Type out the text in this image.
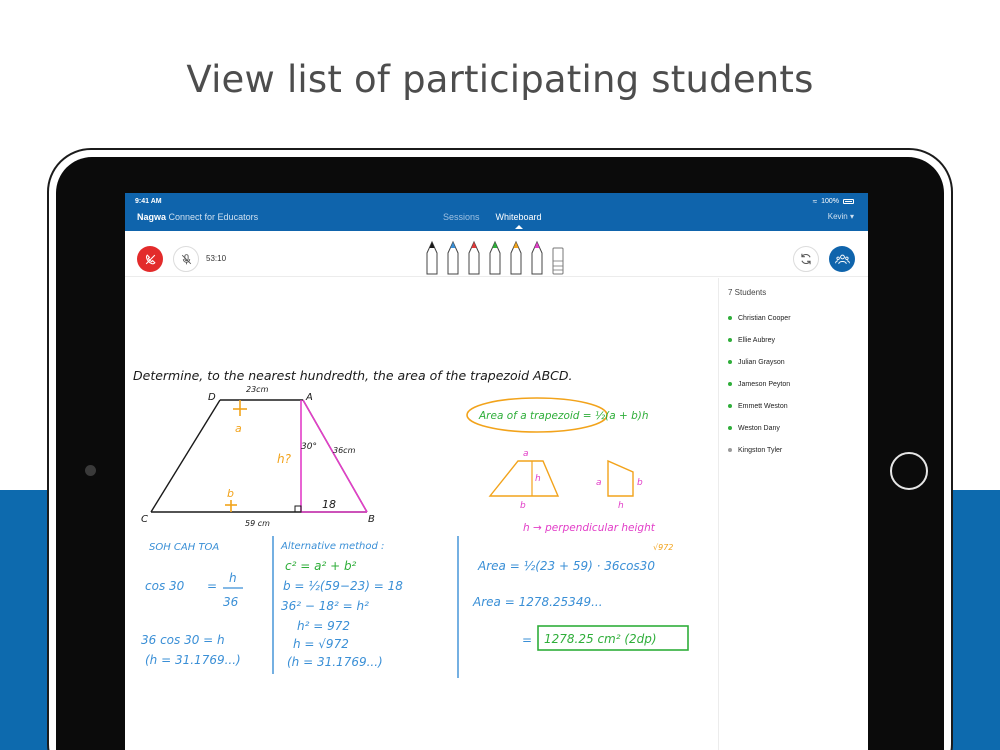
View list of participating students
9:41 AM	≈ 100%
Nagwa Connect for Educators	Sessions Whiteboard	Kevin ▾
53:10
Determine, to the nearest hundredth, the area of the trapezoid ABCD.
D	A
C	B
23cm
59 cm
36cm
a
b
h?
30°
18
Area of a trapezoid = ½(a + b)h
a
h
b
a	b
h
h → perpendicular height
SOH CAH TOA
cos 30 =
h
36
36 cos 30 = h
(h = 31.1769...)
Alternative method :
c² = a² + b²
b = ½(59−23) = 18
36² − 18² = h²
h² = 972
h = √972
(h = 31.1769...)
√972
Area = ½(23 + 59) · 36cos30
Area = 1278.25349...
= 1278.25 cm² (2dp)
7 Students
Christian Cooper
Ellie Aubrey
Julian Grayson
Jameson Peyton
Emmett Weston
Weston Dany
Kingston Tyler
